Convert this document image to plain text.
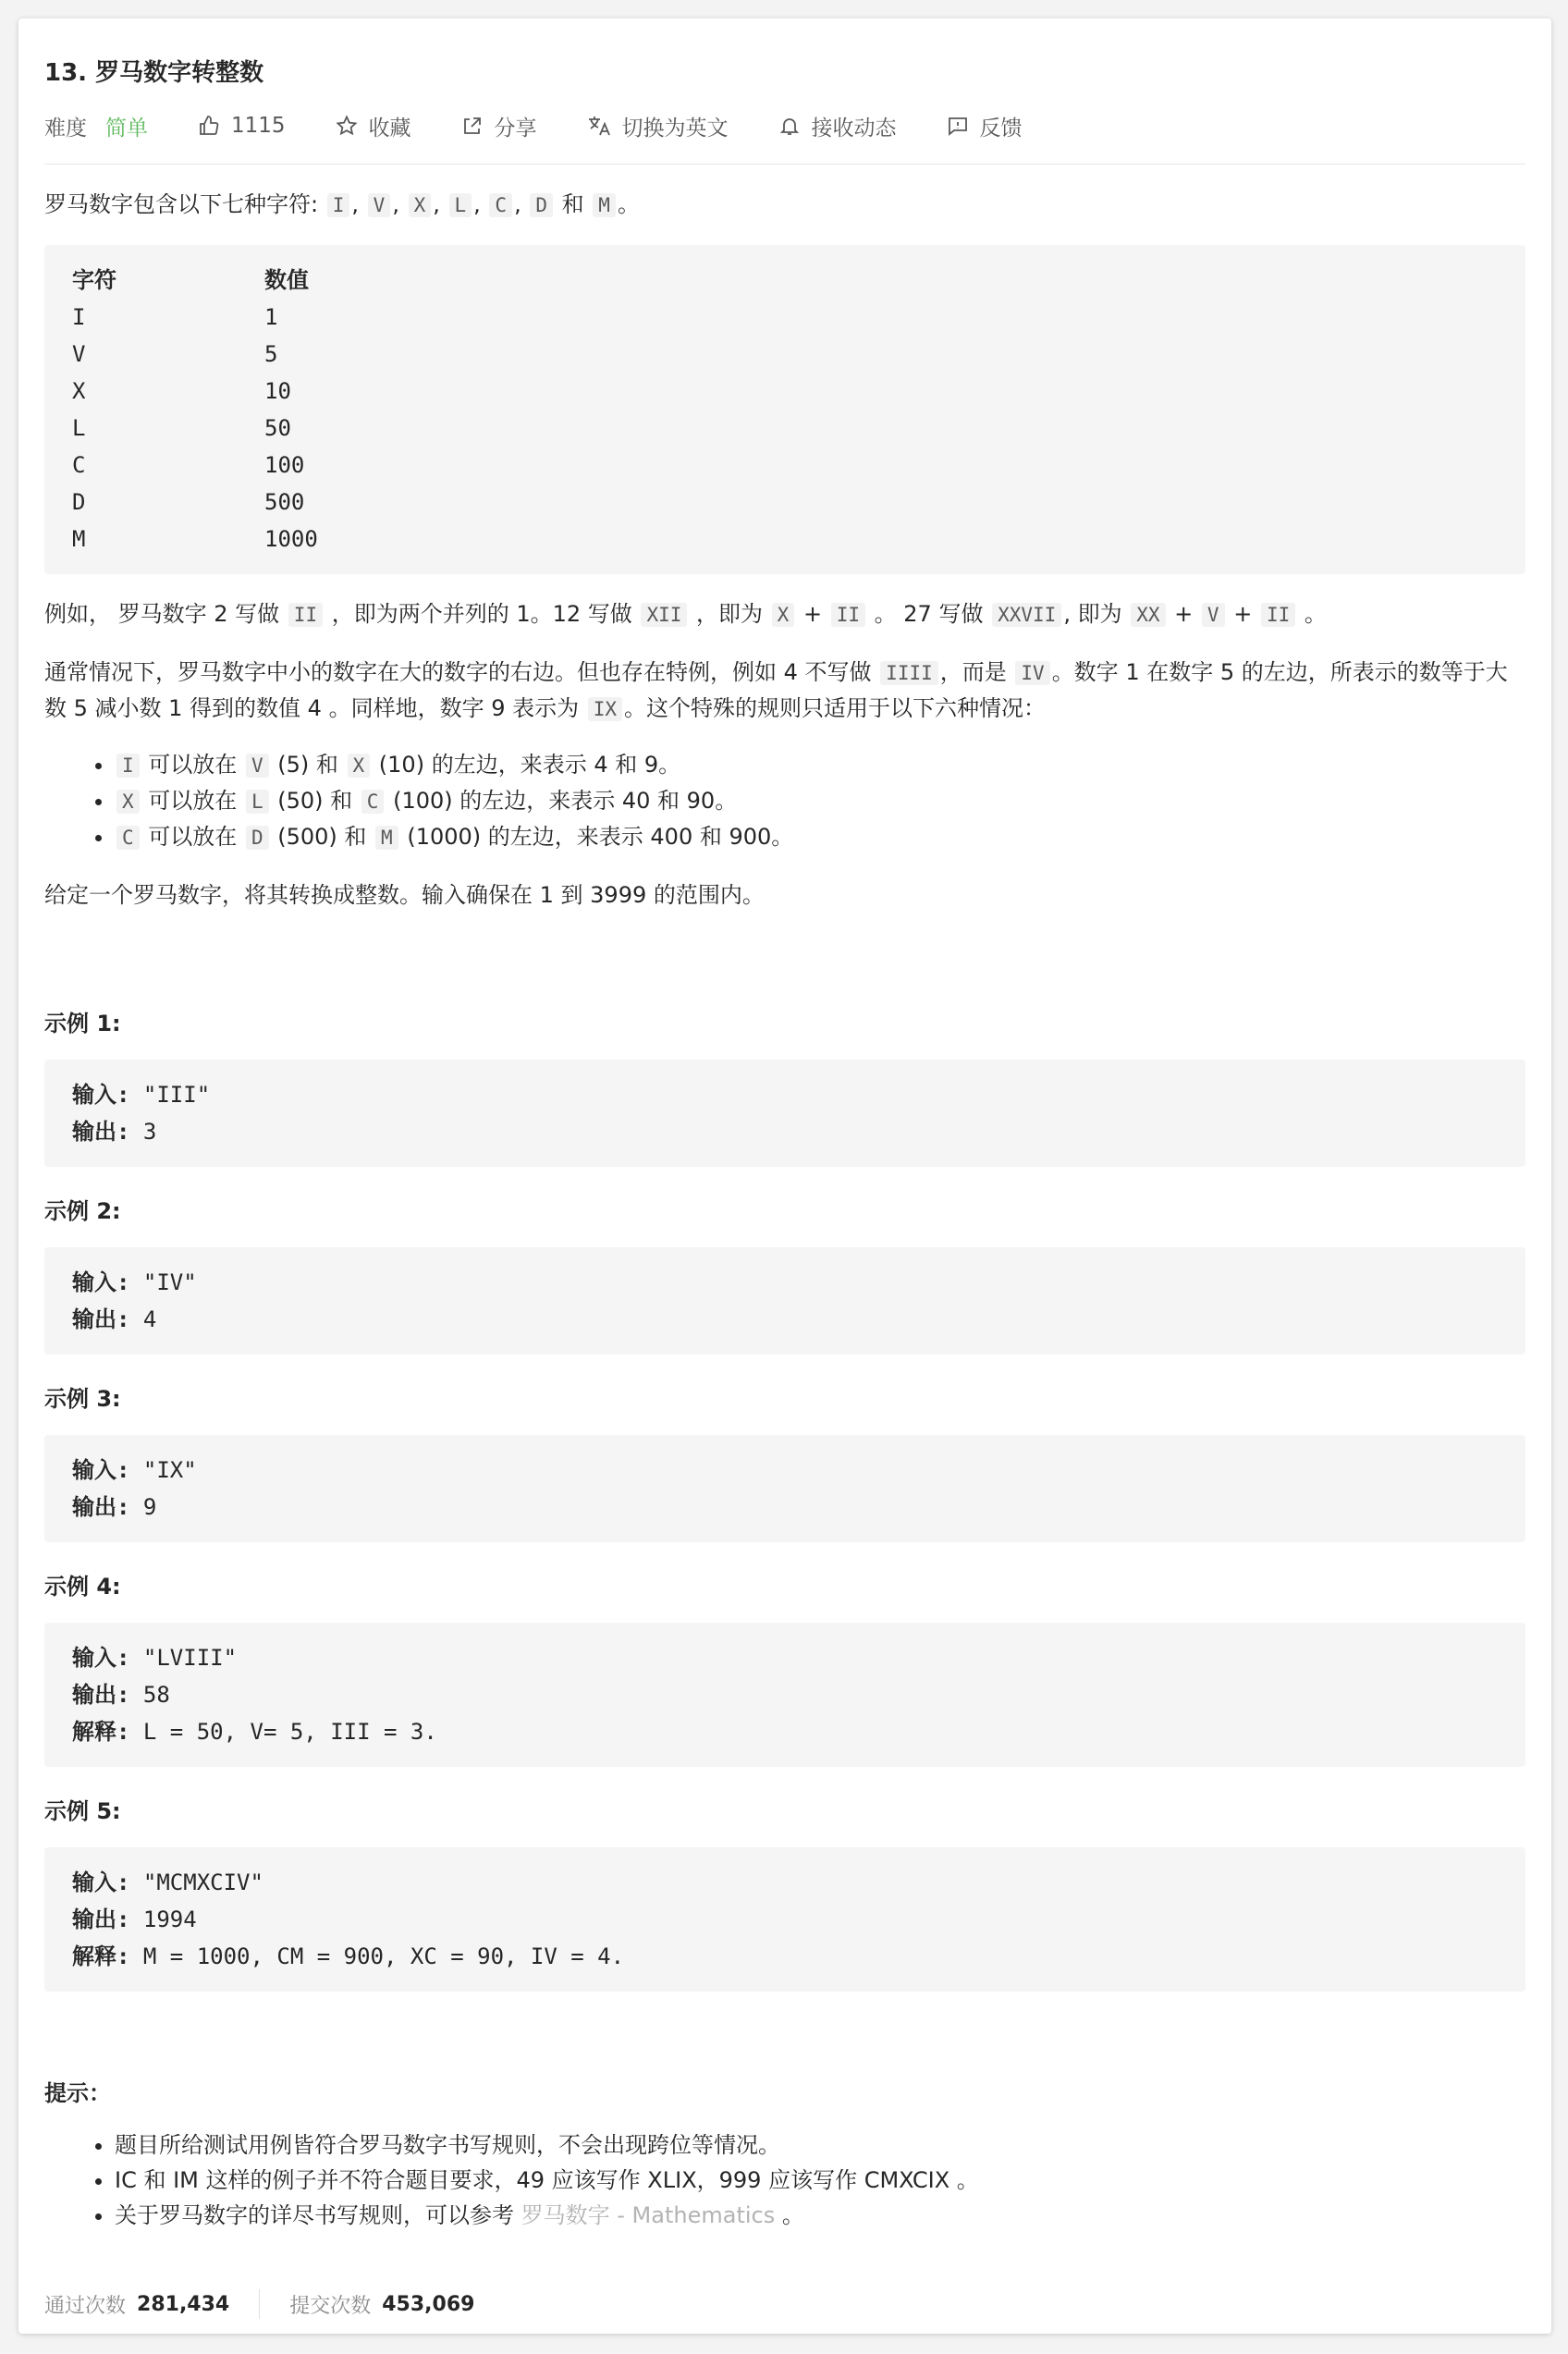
13. 罗马数字转整数
难度 简单	1115	收藏	分享	切换为英文	接收动态	反馈

罗马数字包含以下七种字符: I , V , X , L , C , D 和 M 。

字符	数值
I	1
V	5
X	10
L	50
C	100
D	500
M	1000

例如， 罗马数字 2 写做 II ，即为两个并列的 1。12 写做 XII ，即为 X + II 。 27 写做 XXVII , 即为 XX + V + II 。

通常情况下，罗马数字中小的数字在大的数字的右边。但也存在特例，例如 4 不写做 IIII ，而是 IV 。数字 1 在数字 5 的左边，所表示的数等于大数 5 减小数 1 得到的数值 4 。同样地，数字 9 表示为 IX 。这个特殊的规则只适用于以下六种情况：

• I 可以放在 V (5) 和 X (10) 的左边，来表示 4 和 9。
• X 可以放在 L (50) 和 C (100) 的左边，来表示 40 和 90。
• C 可以放在 D (500) 和 M (1000) 的左边，来表示 400 和 900。

给定一个罗马数字，将其转换成整数。输入确保在 1 到 3999 的范围内。

示例 1:
输入: "III"
输出: 3
示例 2:
输入: "IV"
输出: 4
示例 3:
输入: "IX"
输出: 9
示例 4:
输入: "LVIII"
输出: 58
解释: L = 50, V= 5, III = 3.
示例 5:
输入: "MCMXCIV"
输出: 1994
解释: M = 1000, CM = 900, XC = 90, IV = 4.
提示：
• 题目所给测试用例皆符合罗马数字书写规则，不会出现跨位等情况。
• IC 和 IM 这样的例子并不符合题目要求，49 应该写作 XLIX，999 应该写作 CMXCIX 。
• 关于罗马数字的详尽书写规则，可以参考 罗马数字 - Mathematics 。
通过次数 281,434	提交次数 453,069
